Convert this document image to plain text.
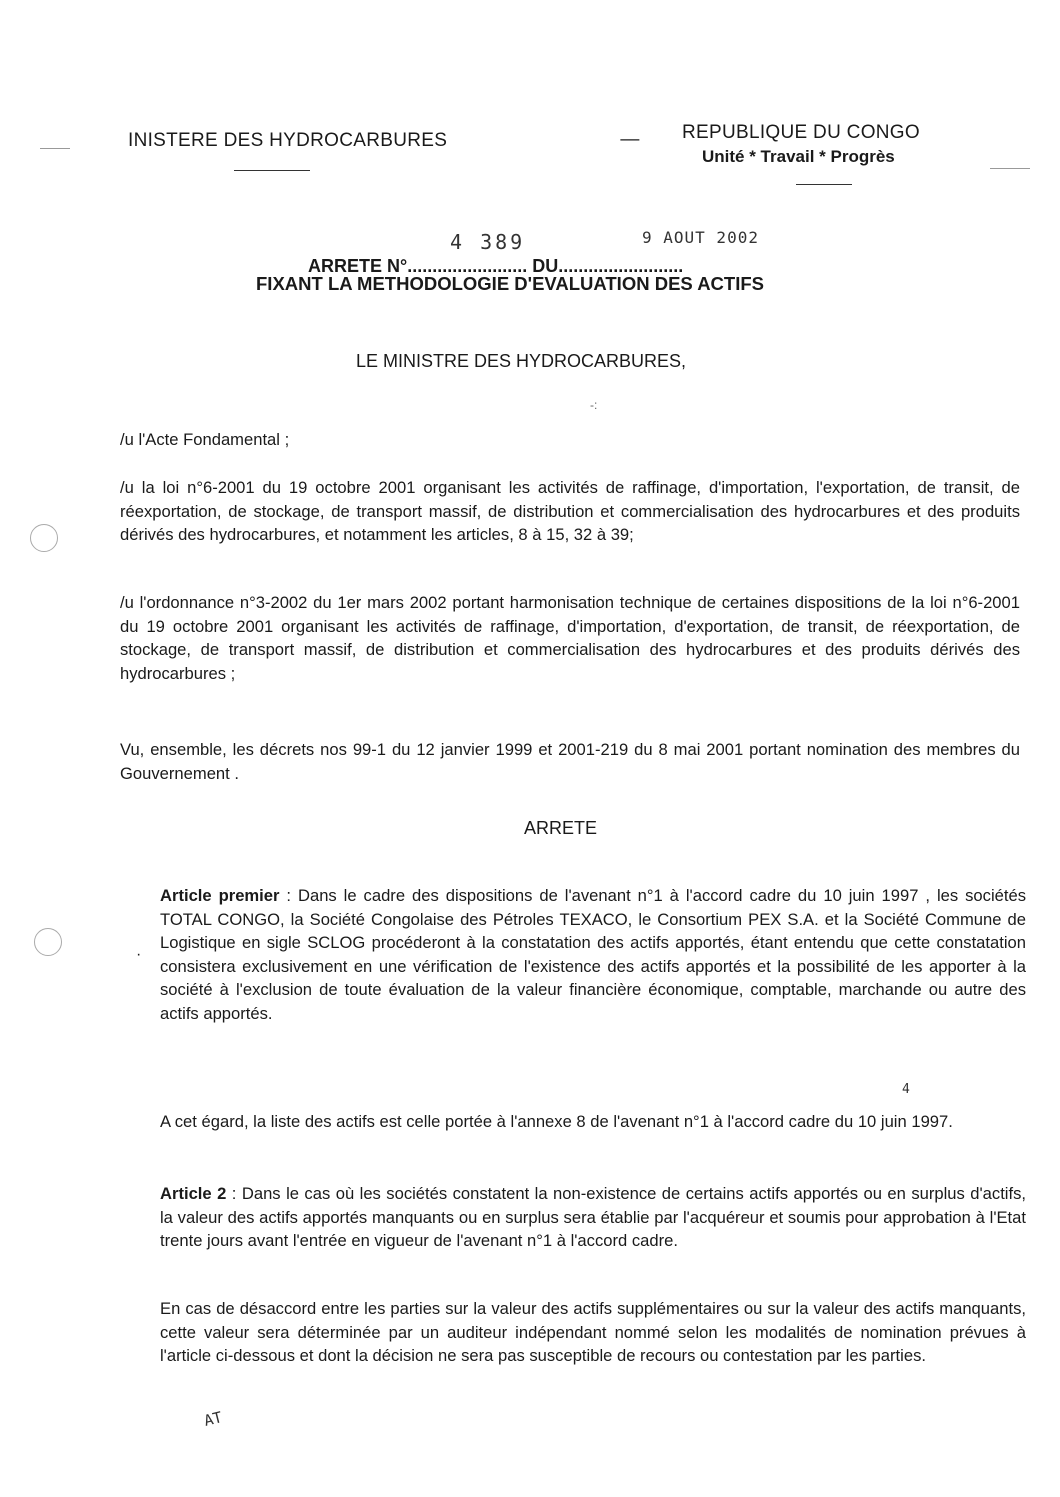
INISTERE DES HYDROCARBURES	— REPUBLIQUE DU CONGO
Unité * Travail * Progrès
4 389	9 AOUT 2002
ARRETE N°........................ DU.........................
FIXANT LA METHODOLOGIE D'EVALUATION DES ACTIFS
LE MINISTRE DES HYDROCARBURES,
-:
/u l'Acte Fondamental ;
/u la loi n°6-2001 du 19 octobre 2001 organisant les activités de raffinage, d'importation, l'exportation, de transit, de réexportation, de stockage, de transport massif, de distribution et commercialisation des hydrocarbures et des produits dérivés des hydrocarbures, et notamment les articles, 8 à 15, 32 à 39;
/u l'ordonnance n°3-2002 du 1er mars 2002 portant harmonisation technique de certaines dispositions de la loi n°6-2001 du 19 octobre 2001 organisant les activités de raffinage, d'importation, d'exportation, de transit, de réexportation, de stockage, de transport massif, de distribution et commercialisation des hydrocarbures et des produits dérivés des hydrocarbures ;
Vu, ensemble, les décrets nos 99-1 du 12 janvier 1999 et 2001-219 du 8 mai 2001 portant nomination des membres du Gouvernement .
ARRETE

Article premier : Dans le cadre des dispositions de l'avenant n°1 à l'accord cadre du 10 juin 1997 , les sociétés TOTAL CONGO, la Société Congolaise des Pétroles TEXACO, le Consortium PEX S.A. et la Société Commune de Logistique en sigle SCLOG procéderont à la constatation des actifs apportés, étant entendu que cette constatation consistera exclusivement en une vérification de l'existence des actifs apportés et la possibilité de les apporter à la société à l'exclusion de toute évaluation de la valeur financière économique, comptable, marchande ou autre des actifs apportés.

·
4
A cet égard, la liste des actifs est celle portée à l'annexe 8 de l'avenant n°1 à l'accord cadre du 10 juin 1997.

Article 2 : Dans le cas où les sociétés constatent la non-existence de certains actifs apportés ou en surplus d'actifs, la valeur des actifs apportés manquants ou en surplus sera établie par l'acquéreur et soumis pour approbation à l'Etat trente jours avant l'entrée en vigueur de l'avenant n°1 à l'accord cadre.

En cas de désaccord entre les parties sur la valeur des actifs supplémentaires ou sur la valeur des actifs manquants, cette valeur sera déterminée par un auditeur indépendant nommé selon les modalités de nomination prévues à l'article ci-dessous et dont la décision ne sera pas susceptible de recours ou contestation par les parties.
AT
